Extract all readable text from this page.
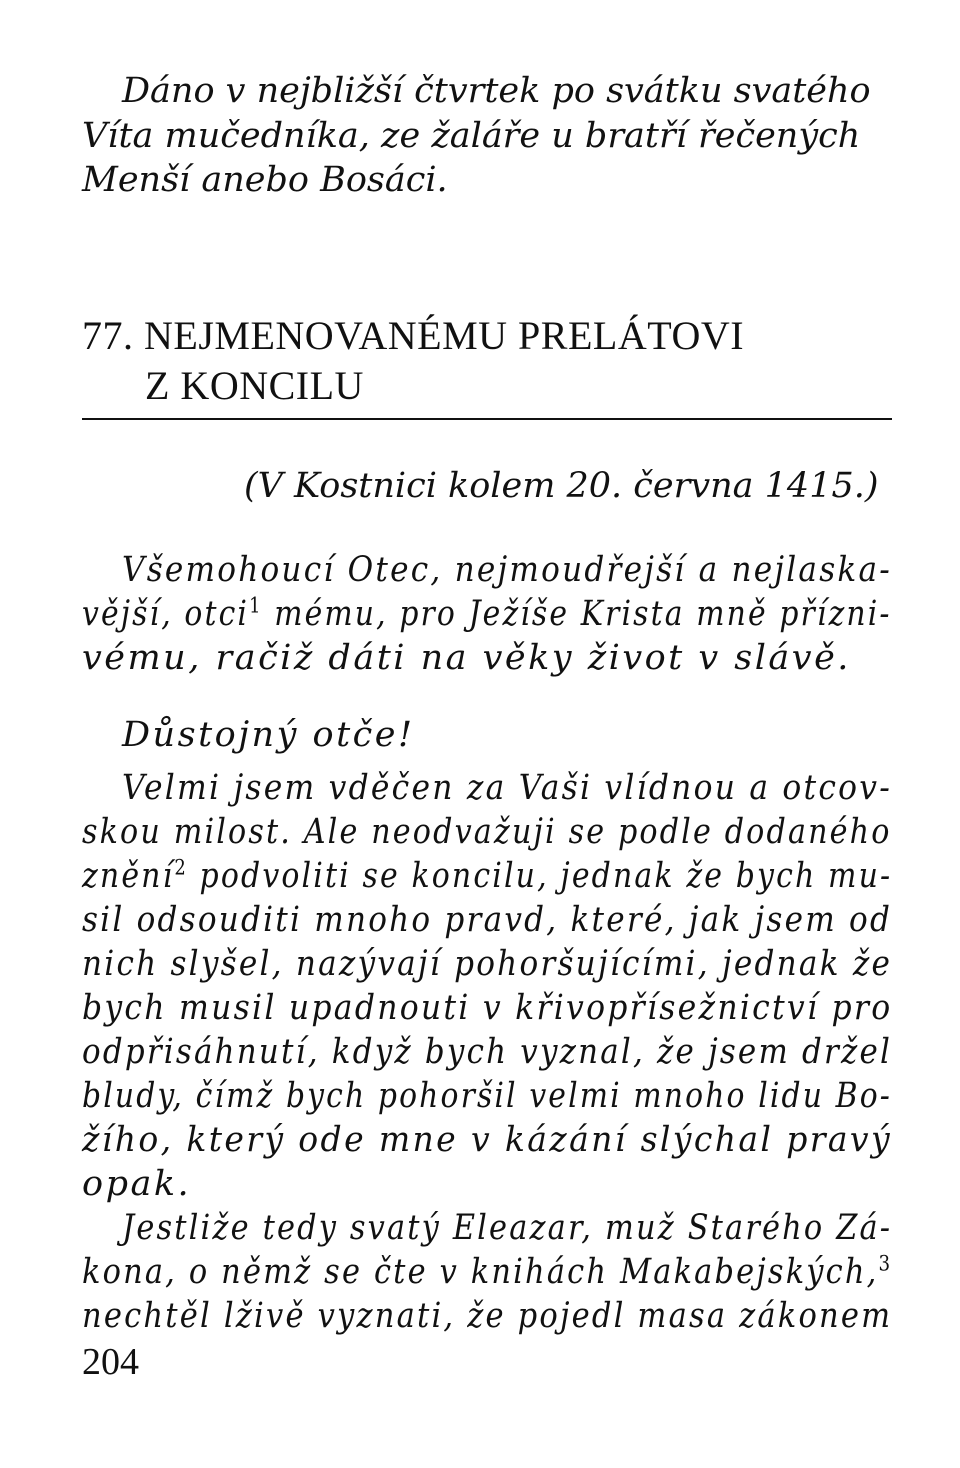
Dáno v nejbližší čtvrtek po svátku svatého
Víta mučedníka, ze žaláře u bratří řečených
Menší anebo Bosáci.
77. NEJMENOVANÉMU PRELÁTOVI
Z KONCILU
(V Kostnici kolem 20. června 1415.)
Všemohoucí Otec, nejmoudřejší a nejlaska-
vější, otci$^1$ mému, pro Ježíše Krista mně přízni-
vému, račiž dáti na věky život v slávě.
Důstojný otče!
Velmi jsem vděčen za Vaši vlídnou a otcov-
skou milost. Ale neodvažuji se podle dodaného
znění$^2$ podvoliti se koncilu, jednak že bych mu-
sil odsouditi mnoho pravd, které, jak jsem od
nich slyšel, nazývají pohoršujícími, jednak že
bych musil upadnouti v křivopřísežnictví pro
odpřisáhnutí, když bych vyznal, že jsem držel
bludy, čímž bych pohoršil velmi mnoho lidu Bo-
žího, který ode mne v kázání slýchal pravý
opak.
Jestliže tedy svatý Eleazar, muž Starého Zá-
kona, o němž se čte v knihách Makabejských,$^3$
nechtěl lživě vyznati, že pojedl masa zákonem
204
